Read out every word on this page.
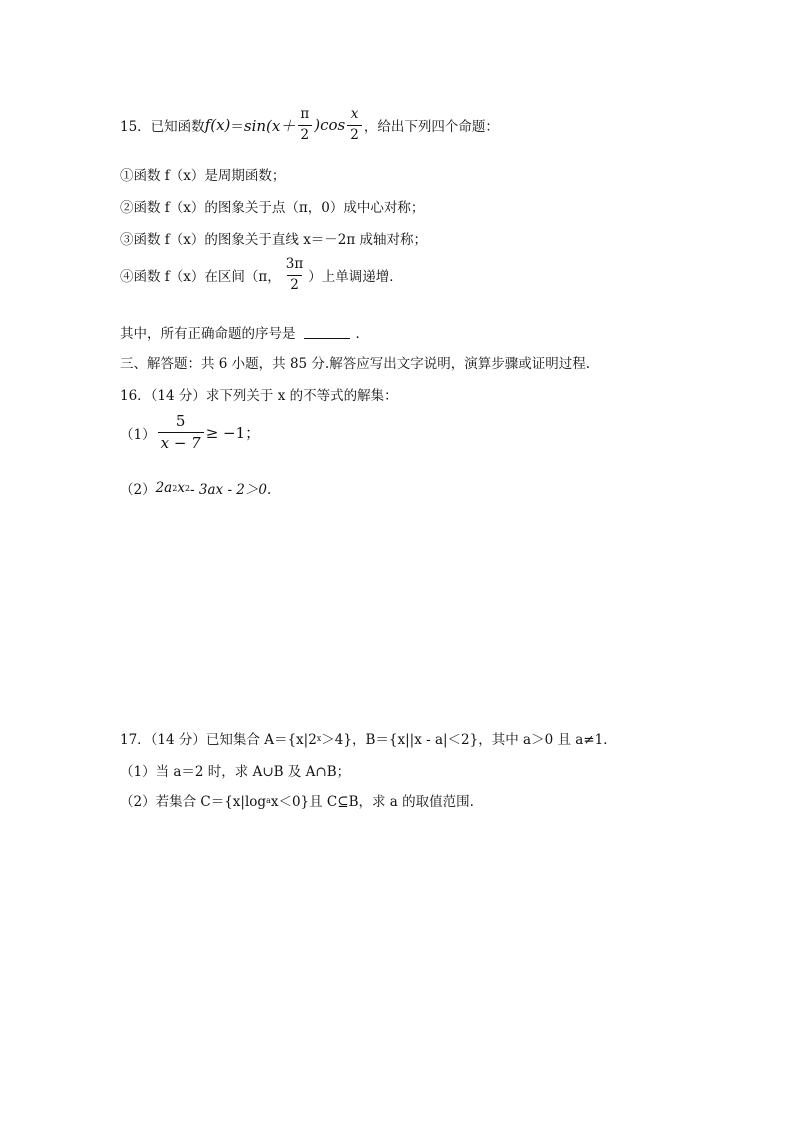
15．已知函数 $f(x) = \sin(x+ \frac{\pi}{2} )\cos \frac{x}{2}$ ，给出下列四个命题：
①函数 f（x）是周期函数；
②函数 f（x）的图象关于点（π，0）成中心对称；
③函数 f（x）的图象关于直线 x＝－2π 成轴对称；
④函数 f（x）在区间（π， $\frac{3\pi}{2}$ ）上单调递增．
其中，所有正确命题的序号是	．
三、解答题：共 6 小题，共 85 分.解答应写出文字说明，演算步骤或证明过程.
16．（14 分）求下列关于 x 的不等式的解集：
$(1) \frac{5}{x - 7} \ge -1$；
（2） 2a 2 x 2 - 3ax - 2＞0.
17．（14 分）已知集合 A＝{x|2 x ＞4}，B＝{x||x - a|＜2}，其中 a＞0 且 a≠1．
（1）当 a＝2 时，求 A∪B 及 A∩B；
（2）若集合 C＝{x|log a x＜0}且 C⊆B，求 a 的取值范围.
